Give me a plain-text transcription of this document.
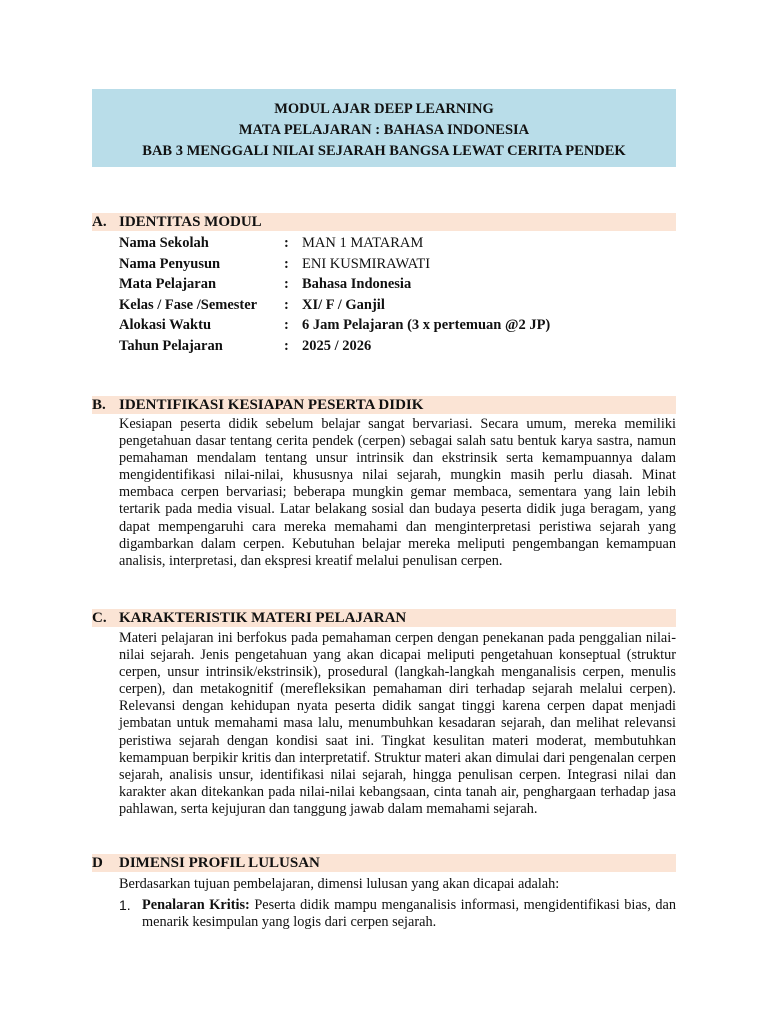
MODUL AJAR DEEP LEARNING
MATA PELAJARAN : BAHASA INDONESIA
BAB 3 MENGGALI NILAI SEJARAH BANGSA LEWAT CERITA PENDEK
A. IDENTITAS MODUL
Nama Sekolah	: MAN 1 MATARAM
Nama Penyusun	: ENI KUSMIRAWATI
Mata Pelajaran	: Bahasa Indonesia
Kelas / Fase /Semester	: XI/ F / Ganjil
Alokasi Waktu	: 6 Jam Pelajaran (3 x pertemuan @2 JP)
Tahun Pelajaran	: 2025 / 2026
B. IDENTIFIKASI KESIAPAN PESERTA DIDIK

Kesiapan peserta didik sebelum belajar sangat bervariasi. Secara umum, mereka memiliki pengetahuan dasar tentang cerita pendek (cerpen) sebagai salah satu bentuk karya sastra, namun pemahaman mendalam tentang unsur intrinsik dan ekstrinsik serta kemampuannya dalam mengidentifikasi nilai-nilai, khususnya nilai sejarah, mungkin masih perlu diasah. Minat membaca cerpen bervariasi; beberapa mungkin gemar membaca, sementara yang lain lebih tertarik pada media visual. Latar belakang sosial dan budaya peserta didik juga beragam, yang dapat mempengaruhi cara mereka memahami dan menginterpretasi peristiwa sejarah yang digambarkan dalam cerpen. Kebutuhan belajar mereka meliputi pengembangan kemampuan analisis, interpretasi, dan ekspresi kreatif melalui penulisan cerpen.

C. KARAKTERISTIK MATERI PELAJARAN

Materi pelajaran ini berfokus pada pemahaman cerpen dengan penekanan pada penggalian nilai-nilai sejarah. Jenis pengetahuan yang akan dicapai meliputi pengetahuan konseptual (struktur cerpen, unsur intrinsik/ekstrinsik), prosedural (langkah-langkah menganalisis cerpen, menulis cerpen), dan metakognitif (merefleksikan pemahaman diri terhadap sejarah melalui cerpen). Relevansi dengan kehidupan nyata peserta didik sangat tinggi karena cerpen dapat menjadi jembatan untuk memahami masa lalu, menumbuhkan kesadaran sejarah, dan melihat relevansi peristiwa sejarah dengan kondisi saat ini. Tingkat kesulitan materi moderat, membutuhkan kemampuan berpikir kritis dan interpretatif. Struktur materi akan dimulai dari pengenalan cerpen sejarah, analisis unsur, identifikasi nilai sejarah, hingga penulisan cerpen. Integrasi nilai dan karakter akan ditekankan pada nilai-nilai kebangsaan, cinta tanah air, penghargaan terhadap jasa pahlawan, serta kejujuran dan tanggung jawab dalam memahami sejarah.

D DIMENSI PROFIL LULUSAN

Berdasarkan tujuan pembelajaran, dimensi lulusan yang akan dicapai adalah:

1. Penalaran Kritis: Peserta didik mampu menganalisis informasi, mengidentifikasi bias, dan menarik kesimpulan yang logis dari cerpen sejarah.
